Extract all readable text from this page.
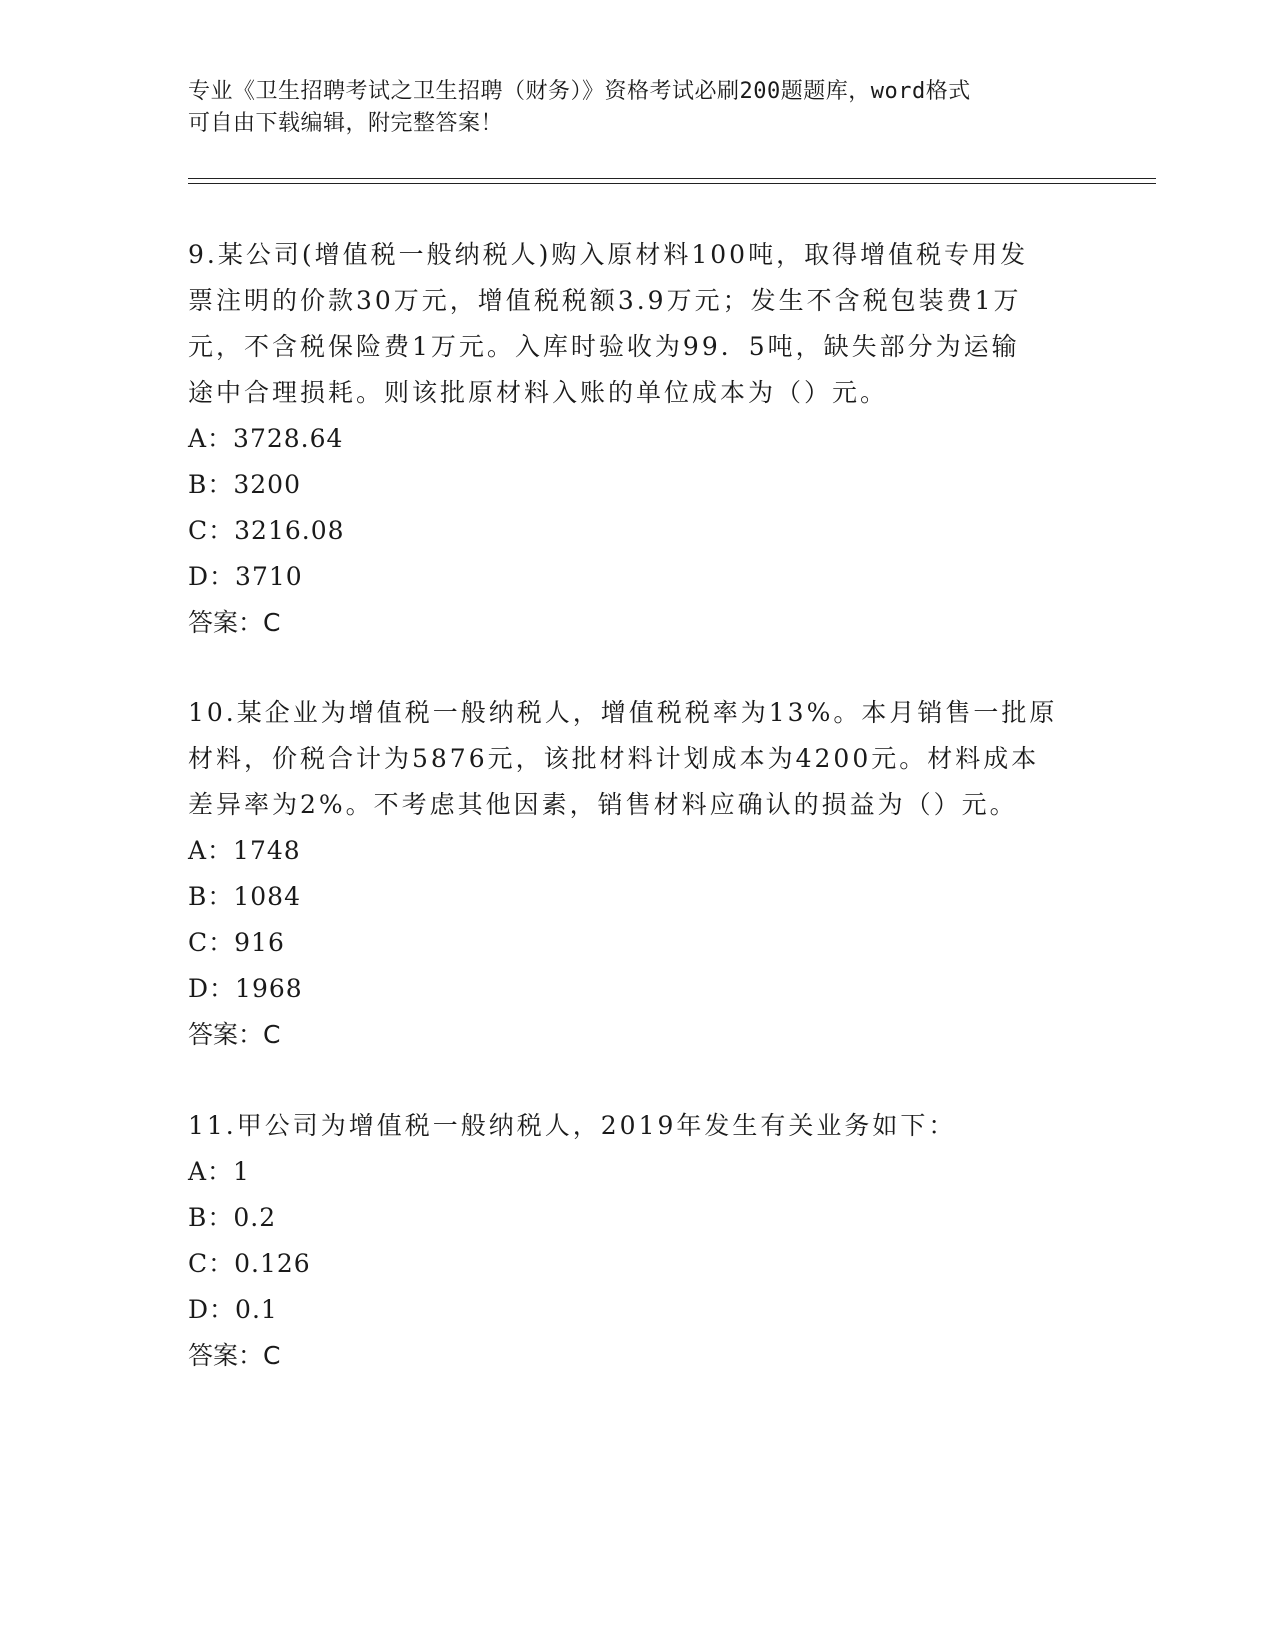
专业《卫生招聘考试之卫生招聘（财务）》资格考试必刷200题题库，word格式
可自由下载编辑，附完整答案！
9.某公司(增值税一般纳税人)购入原材料100吨，取得增值税专用发
票注明的价款30万元，增值税税额3.9万元；发生不含税包装费1万
元，不含税保险费1万元。入库时验收为99．5吨，缺失部分为运输
途中合理损耗。则该批原材料入账的单位成本为（）元。
A：3728.64
B：3200
C：3216.08
D：3710
答案：C
10.某企业为增值税一般纳税人，增值税税率为13%。本月销售一批原
材料，价税合计为5876元，该批材料计划成本为4200元。材料成本
差异率为2%。不考虑其他因素，销售材料应确认的损益为（）元。
A：1748
B：1084
C：916
D：1968
答案：C
11.甲公司为增值税一般纳税人，2019年发生有关业务如下：
A：1
B：0.2
C：0.126
D：0.1
答案：C
